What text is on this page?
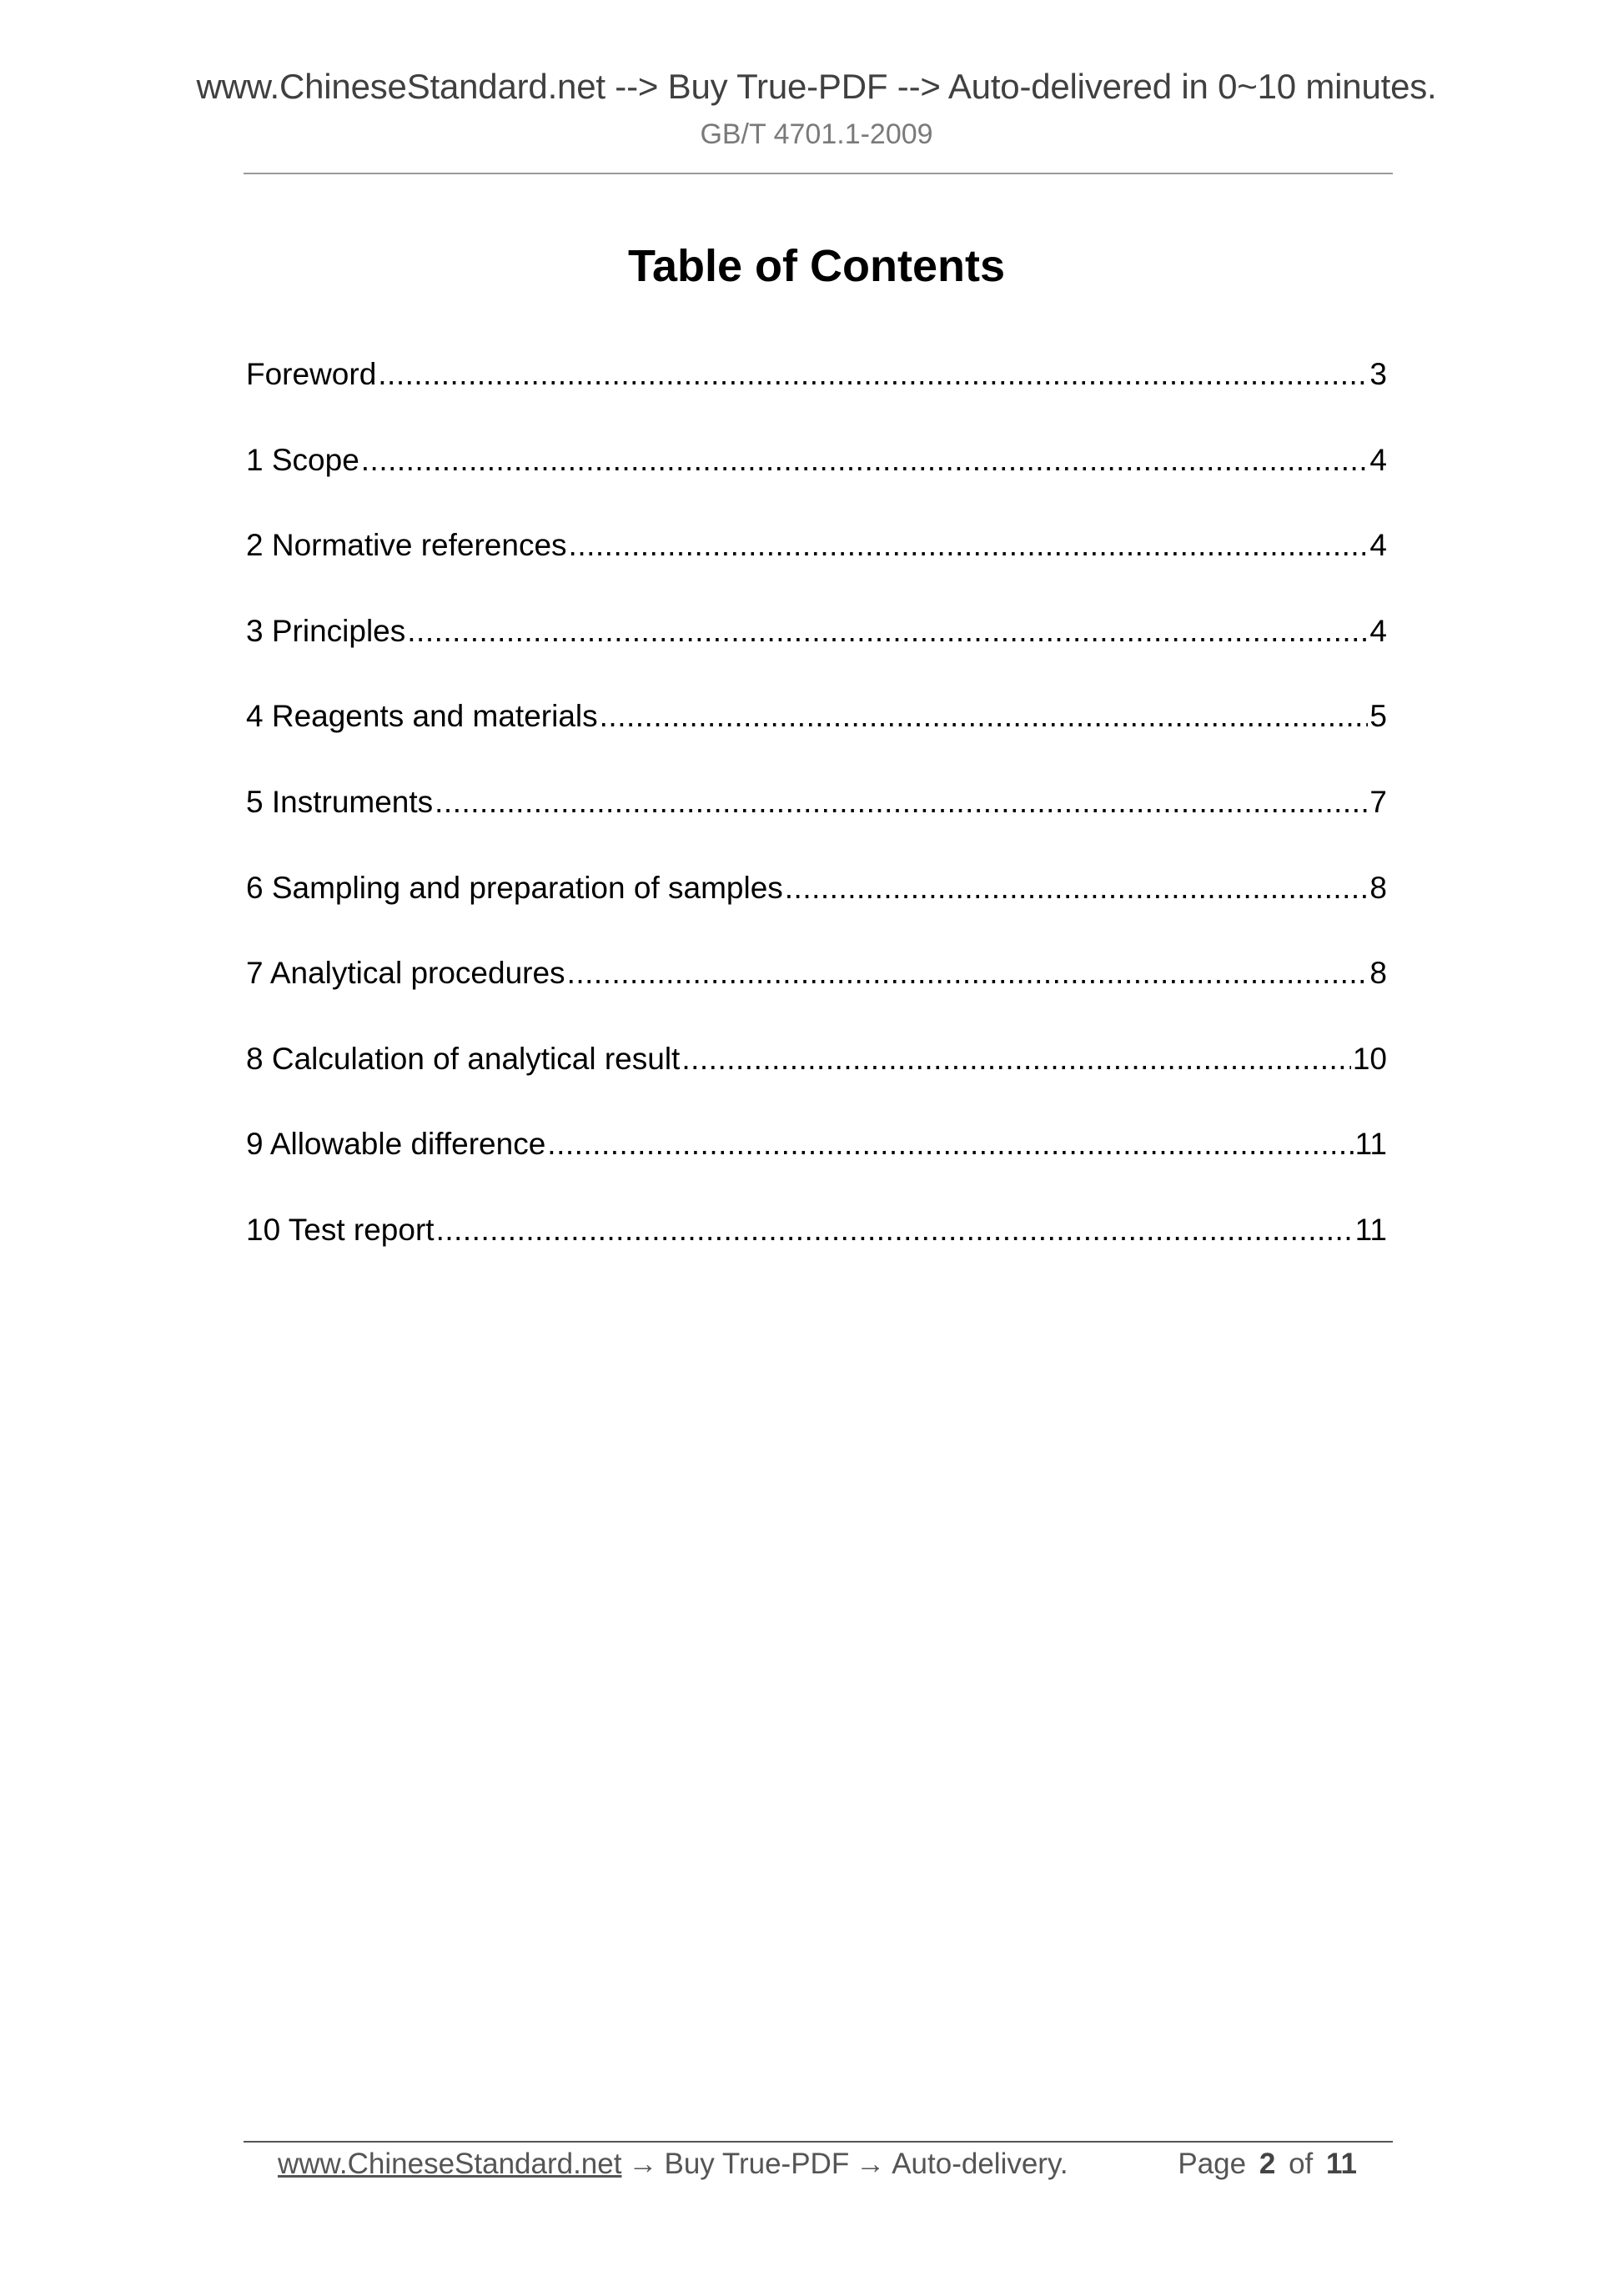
www.ChineseStandard.net --> Buy True-PDF --> Auto-delivered in 0~10 minutes.
GB/T 4701.1-2009
Table of Contents
Foreword .....	3
1 Scope .....	4
2 Normative references .....	4
3 Principles .....	4
4 Reagents and materials .....	5
5 Instruments .....	7
6 Sampling and preparation of samples .....	8
7 Analytical procedures .....	8
8 Calculation of analytical result .....	10
9 Allowable difference .....	11
10 Test report .....	11
www.ChineseStandard.net → Buy True-PDF → Auto-delivery.	Page 2 of 11
